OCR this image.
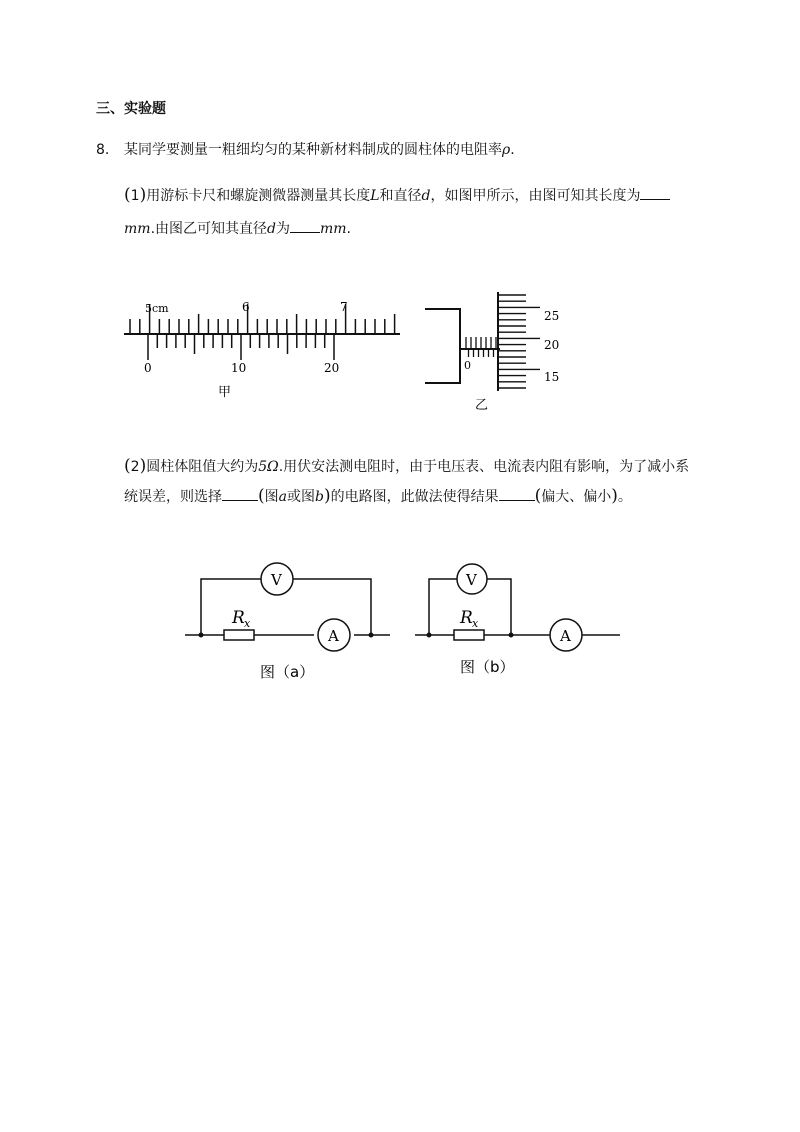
三、实验题
8. 某同学要测量一粗细均匀的某种新材料制成的圆柱体的电阻率ρ.
(1)用游标卡尺和螺旋测微器测量其长度L和直径d，如图甲所示，由图可知其长度为
mm.由图乙可知其直径d为 mm.
5cm	6	7
0	10	20
甲
25
20
15
0
乙
(2)圆柱体阻值大约为5Ω.用伏安法测电阻时，由于电压表、电流表内阻有影响，为了减小系
统误差，则选择 (图a或图b)的电路图，此做法使得结果 (偏大、偏小)。
V
A
R x
图（a）
V
A
R x
图（b）
